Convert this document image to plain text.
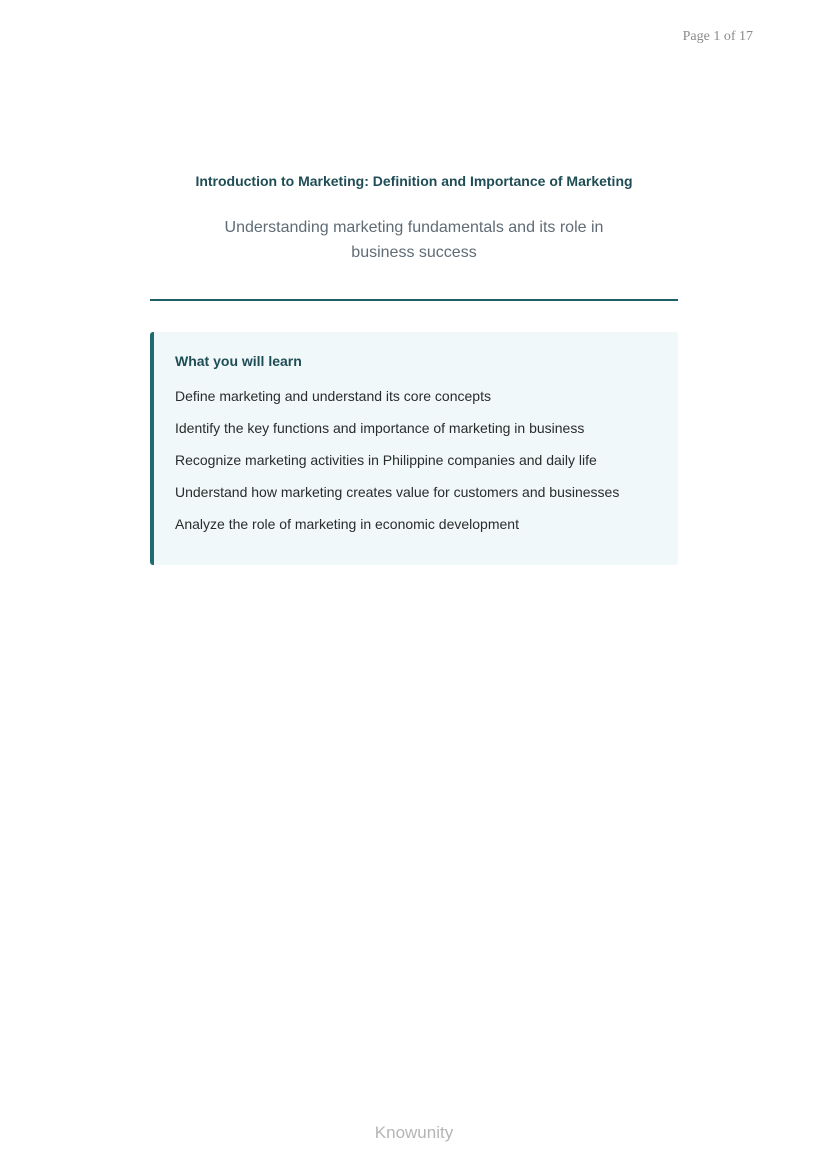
Page 1 of 17
Introduction to Marketing: Definition and Importance of Marketing
Understanding marketing fundamentals and its role in business success
What you will learn
Define marketing and understand its core concepts
Identify the key functions and importance of marketing in business
Recognize marketing activities in Philippine companies and daily life
Understand how marketing creates value for customers and businesses
Analyze the role of marketing in economic development
Knowunity
